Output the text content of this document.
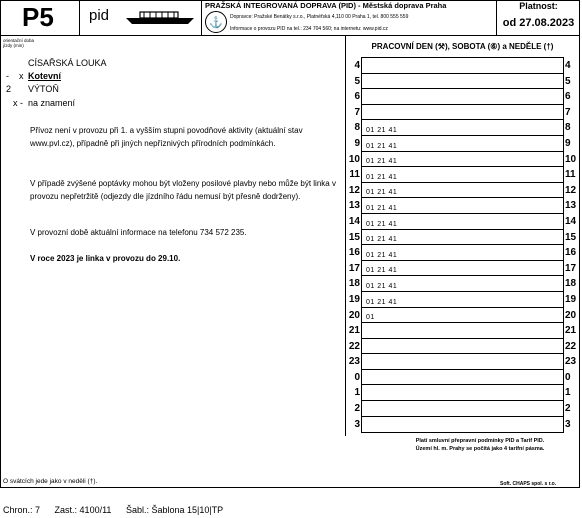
P5	pid
PRAŽSKÁ INTEGROVANÁ DOPRAVA (PID) - Městská doprava Praha
⚓	Dopravce: Pražské Benátky s.r.o., Platnéřská 4,110 00 Praha 1, tel. 800 555 559
Informace o provozu PID na tel.: 234 704 560; na internetu: www.pid.cz
Platnost:
od 27.08.2023
orientační doba
jízdy (min)
CÍSAŘSKÁ LOUKA
- x Kotevní
2 VÝTOŇ
x - na znamení
Přívoz není v provozu při 1. a vyšším stupni povodňové aktivity (aktuální stav www.pvl.cz), případně při jiných nepříznivých přírodních podmínkách.
V případě zvýšené poptávky mohou být vloženy posilové plavby nebo může být linka v provozu nepřetržitě (odjezdy dle jízdního řádu nemusí být přesně dodrženy).
V provozní době aktuální informace na telefonu 734 572 235.
V roce 2023 je linka v provozu do 29.10.
PRACOVNÍ DEN (⚒), SOBOTA (⑥) a NEDĚLE (†)
4	4
5	5
6	6
7	7
8 01 21 41	8
9 01 21 41	9
10 01 21 41	10
11 01 21 41	11
12 01 21 41	12
13 01 21 41	13
14 01 21 41	14
15 01 21 41	15
16 01 21 41	16
17 01 21 41	17
18 01 21 41	18
19 01 21 41	19
20 01	20
21	21
22	22
23	23
0	0
1	1
2	2
3	3
Platí smluvní přepravní podmínky PID a Tarif PID.
Území hl. m. Prahy se počítá jako 4 tarifní pásma.
O svátcích jede jako v neděli (†).	Soft. CHAPS spol. s r.o.
Chron.: 7 Zast.: 4100/11 Šabl.: Šablona 15|10|TP
